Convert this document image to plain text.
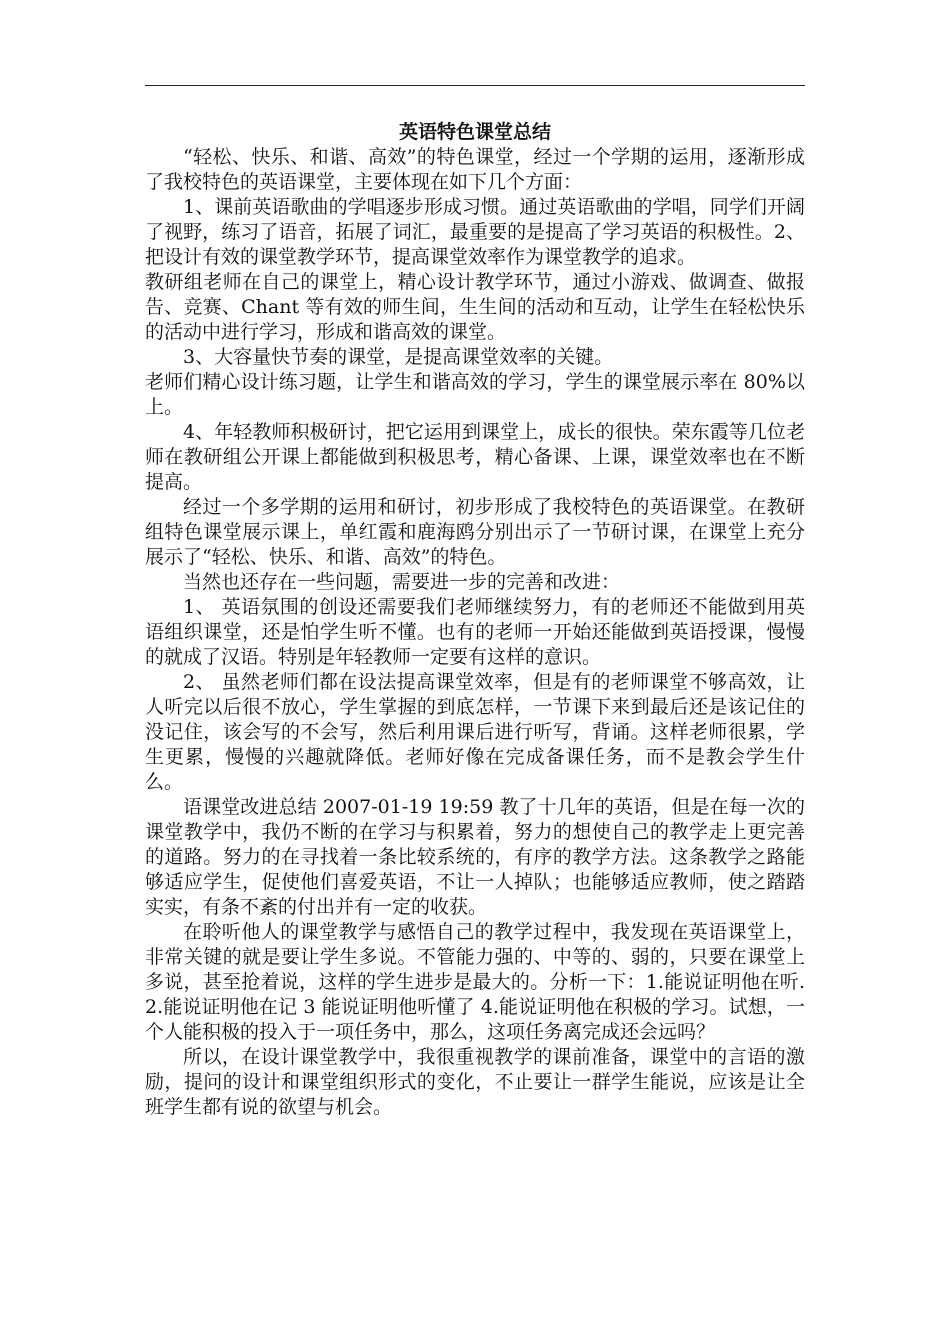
英语特色课堂总结

“轻松、快乐、和谐、高效”的特色课堂，经过一个学期的运用，逐渐形成了我校特色的英语课堂，主要体现在如下几个方面：

1、课前英语歌曲的学唱逐步形成习惯。通过英语歌曲的学唱，同学们开阔了视野，练习了语音，拓展了词汇，最重要的是提高了学习英语的积极性。2、把设计有效的课堂教学环节，提高课堂效率作为课堂教学的追求。

教研组老师在自己的课堂上，精心设计教学环节，通过小游戏、做调查、做报告、竞赛、Chant 等有效的师生间，生生间的活动和互动，让学生在轻松快乐的活动中进行学习，形成和谐高效的课堂。

3、大容量快节奏的课堂，是提高课堂效率的关键。

老师们精心设计练习题，让学生和谐高效的学习，学生的课堂展示率在 80%以上。

4、年轻教师积极研讨，把它运用到课堂上，成长的很快。荣东霞等几位老师在教研组公开课上都能做到积极思考，精心备课、上课，课堂效率也在不断提高。

经过一个多学期的运用和研讨，初步形成了我校特色的英语课堂。在教研组特色课堂展示课上，单红霞和鹿海鸥分别出示了一节研讨课，在课堂上充分展示了“轻松、快乐、和谐、高效”的特色。

当然也还存在一些问题，需要进一步的完善和改进：

1、 英语氛围的创设还需要我们老师继续努力，有的老师还不能做到用英语组织课堂，还是怕学生听不懂。也有的老师一开始还能做到英语授课，慢慢的就成了汉语。特别是年轻教师一定要有这样的意识。

2、 虽然老师们都在设法提高课堂效率，但是有的老师课堂不够高效，让人听完以后很不放心，学生掌握的到底怎样，一节课下来到最后还是该记住的没记住，该会写的不会写，然后利用课后进行听写，背诵。这样老师很累，学生更累，慢慢的兴趣就降低。老师好像在完成备课任务，而不是教会学生什么。

语课堂改进总结 2007-01-19 19:59 教了十几年的英语，但是在每一次的课堂教学中，我仍不断的在学习与积累着，努力的想使自己的教学走上更完善的道路。努力的在寻找着一条比较系统的，有序的教学方法。这条教学之路能够适应学生，促使他们喜爱英语，不让一人掉队；也能够适应教师，使之踏踏实实，有条不紊的付出并有一定的收获。

在聆听他人的课堂教学与感悟自己的教学过程中，我发现在英语课堂上，非常关键的就是要让学生多说。不管能力强的、中等的、弱的，只要在课堂上多说，甚至抢着说，这样的学生进步是最大的。分析一下：1.能说证明他在听.2.能说证明他在记 3 能说证明他听懂了 4.能说证明他在积极的学习。试想，一个人能积极的投入于一项任务中，那么，这项任务离完成还会远吗？

所以，在设计课堂教学中，我很重视教学的课前准备，课堂中的言语的激励，提问的设计和课堂组织形式的变化，不止要让一群学生能说，应该是让全班学生都有说的欲望与机会。
